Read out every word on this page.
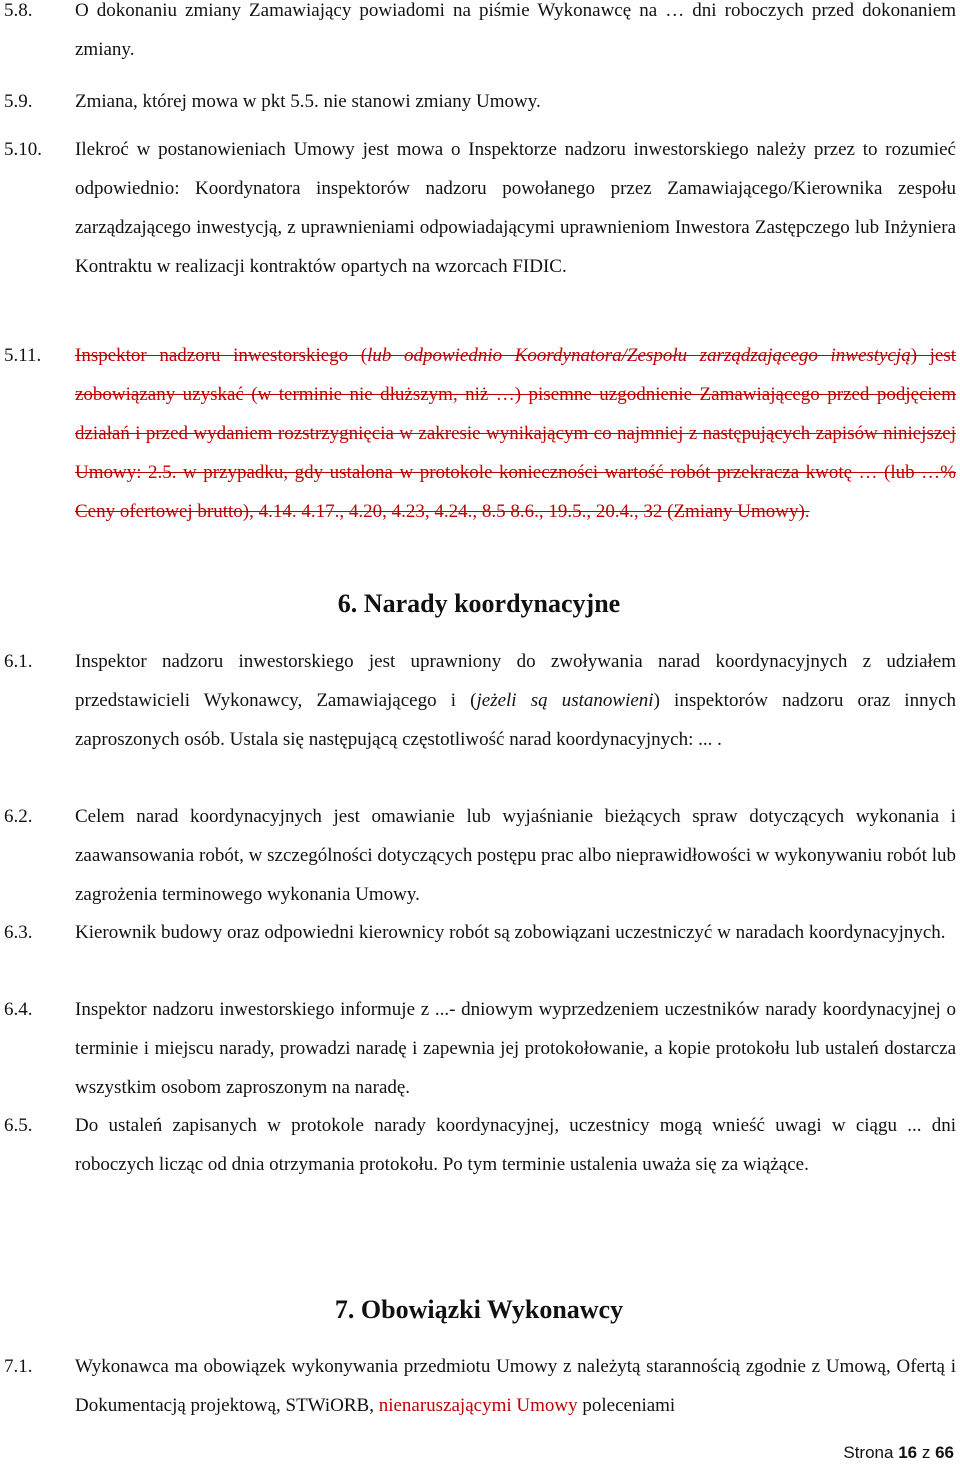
5.8. O dokonaniu zmiany Zamawiający powiadomi na piśmie Wykonawcę na … dni roboczych przed dokonaniem zmiany.
5.9. Zmiana, której mowa w pkt 5.5. nie stanowi zmiany Umowy.
5.10. Ilekroć w postanowieniach Umowy jest mowa o Inspektorze nadzoru inwestorskiego należy przez to rozumieć odpowiednio: Koordynatora inspektorów nadzoru powołanego przez Zamawiającego/Kierownika zespołu zarządzającego inwestycją, z uprawnieniami odpowiadającymi uprawnieniom Inwestora Zastępczego lub Inżyniera Kontraktu w realizacji kontraktów opartych na wzorcach FIDIC.
5.11. Inspektor nadzoru inwestorskiego (lub odpowiednio Koordynatora/Zespołu zarządzającego inwestycją) jest zobowiązany uzyskać (w terminie nie dłuższym, niż …) pisemne uzgodnienie Zamawiającego przed podjęciem działań i przed wydaniem rozstrzygnięcia w zakresie wynikającym co najmniej z następujących zapisów niniejszej Umowy: 2.5. w przypadku, gdy ustalona w protokole konieczności wartość robót przekracza kwotę … (lub …% Ceny ofertowej brutto), 4.14. 4.17., 4.20, 4.23, 4.24., 8.5 8.6., 19.5., 20.4., 32 (Zmiany Umowy).
6. Narady koordynacyjne
6.1. Inspektor nadzoru inwestorskiego jest uprawniony do zwoływania narad koordynacyjnych z udziałem przedstawicieli Wykonawcy, Zamawiającego i (jeżeli są ustanowieni) inspektorów nadzoru oraz innych zaproszonych osób. Ustala się następującą częstotliwość narad koordynacyjnych: ... .
6.2. Celem narad koordynacyjnych jest omawianie lub wyjaśnianie bieżących spraw dotyczących wykonania i zaawansowania robót, w szczególności dotyczących postępu prac albo nieprawidłowości w wykonywaniu robót lub zagrożenia terminowego wykonania Umowy.
6.3. Kierownik budowy oraz odpowiedni kierownicy robót są zobowiązani uczestniczyć w naradach koordynacyjnych.
6.4. Inspektor nadzoru inwestorskiego informuje z ...- dniowym wyprzedzeniem uczestników narady koordynacyjnej o terminie i miejscu narady, prowadzi naradę i zapewnia jej protokołowanie, a kopie protokołu lub ustaleń dostarcza wszystkim osobom zaproszonym na naradę.
6.5. Do ustaleń zapisanych w protokole narady koordynacyjnej, uczestnicy mogą wnieść uwagi w ciągu ... dni roboczych licząc od dnia otrzymania protokołu. Po tym terminie ustalenia uważa się za wiążące.
7. Obowiązki Wykonawcy
7.1. Wykonawca ma obowiązek wykonywania przedmiotu Umowy z należytą starannością zgodnie z Umową, Ofertą i Dokumentacją projektową, STWiORB, nienaruszającymi Umowy poleceniami
Strona 16 z 66
